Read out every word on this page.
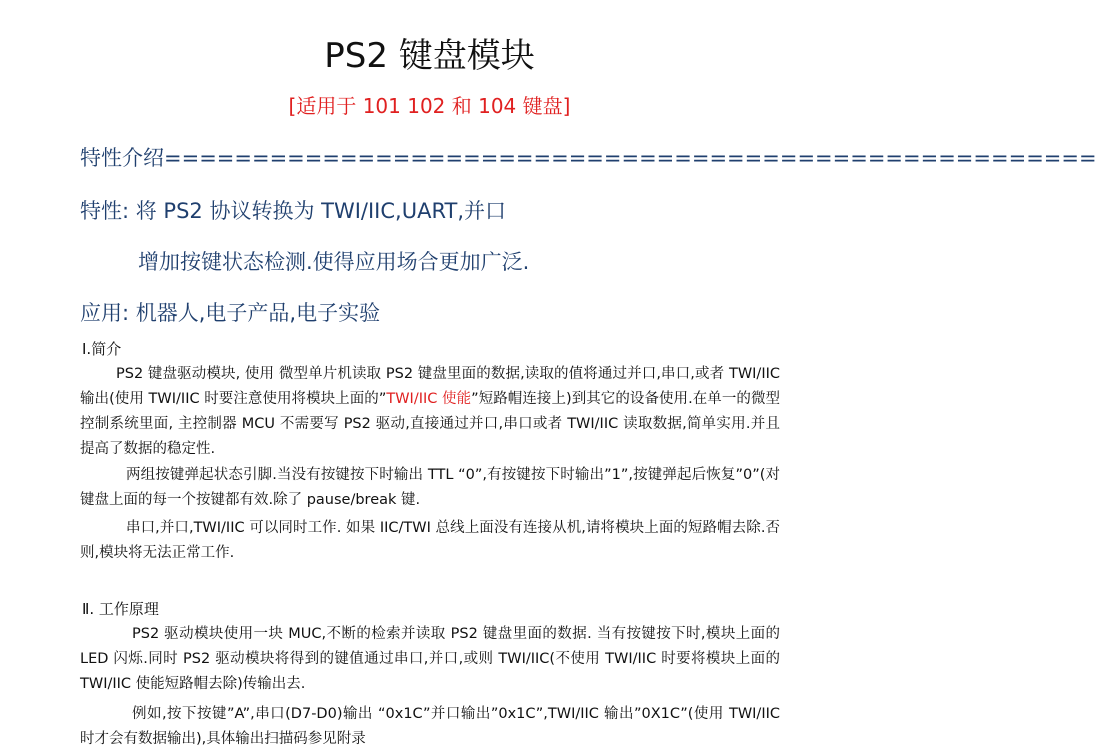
PS2 键盘模块
[适用于 101 102 和 104 键盘]
特性介绍=====================================================
特性: 将 PS2 协议转换为 TWI/IIC,UART,并口
增加按键状态检测.使得应用场合更加广泛.
应用: 机器人,电子产品,电子实验
Ⅰ.简介
PS2 键盘驱动模块, 使用 微型单片机读取 PS2 键盘里面的数据,读取的值将通过并口,串口,或者 TWI/IIC 输出(使用 TWI/IIC 时要注意使用将模块上面的”TWI/IIC 使能”短路帽连接上)到其它的设备使用.在单一的微型控制系统里面, 主控制器 MCU 不需要写 PS2 驱动,直接通过并口,串口或者 TWI/IIC 读取数据,简单实用.并且提高了数据的稳定性.
两组按键弹起状态引脚.当没有按键按下时输出 TTL “0”,有按键按下时输出”1”,按键弹起后恢复”0”(对键盘上面的每一个按键都有效.除了 pause/break 键.
串口,并口,TWI/IIC 可以同时工作. 如果 IIC/TWI 总线上面没有连接从机,请将模块上面的短路帽去除.否则,模块将无法正常工作.
Ⅱ. 工作原理
PS2 驱动模块使用一块 MUC,不断的检索并读取 PS2 键盘里面的数据. 当有按键按下时,模块上面的 LED 闪烁.同时 PS2 驱动模块将得到的键值通过串口,并口,或则 TWI/IIC(不使用 TWI/IIC 时要将模块上面的 TWI/IIC 使能短路帽去除)传输出去.
例如,按下按键”A”,串口(D7-D0)输出 “0x1C”并口输出”0x1C”,TWI/IIC 输出”0X1C”(使用 TWI/IIC 时才会有数据输出),具体输出扫描码参见附录
